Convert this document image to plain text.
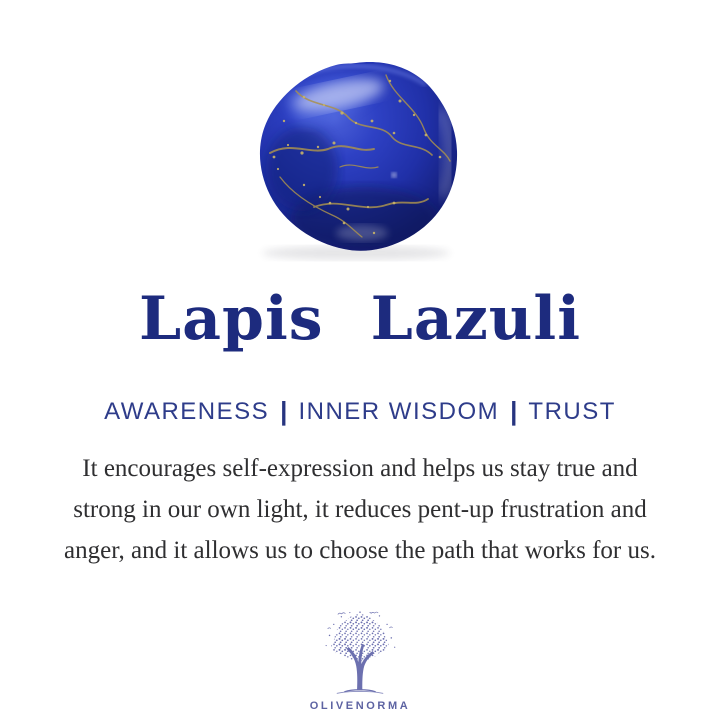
Lapis Lazuli
AWARENESS | INNER WISDOM | TRUST
It encourages self-expression and helps us stay true and
strong in our own light, it reduces pent-up frustration and
anger, and it allows us to choose the path that works for us.
OLIVENORMA
